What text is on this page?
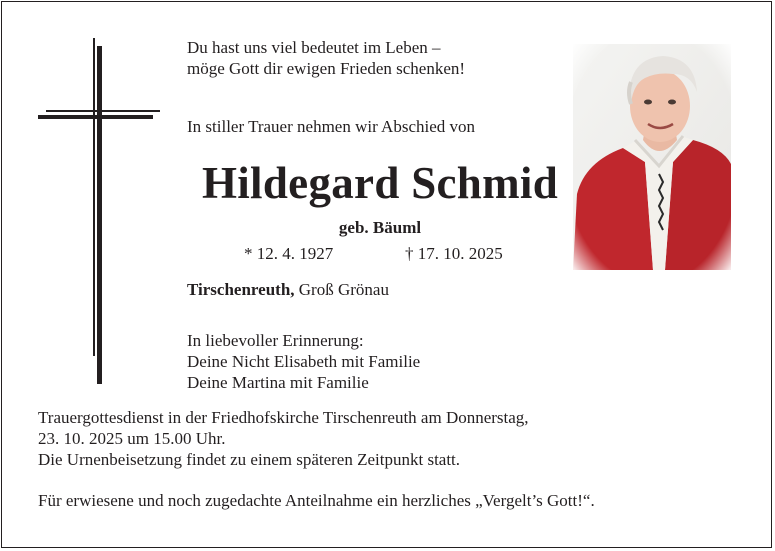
Du hast uns viel bedeutet im Leben –
möge Gott dir ewigen Frieden schenken!
In stiller Trauer nehmen wir Abschied von
Hildegard Schmid
geb. Bäuml
* 12. 4. 1927	† 17. 10. 2025
Tirschenreuth, Groß Grönau
In liebevoller Erinnerung:
Deine Nicht Elisabeth mit Familie
Deine Martina mit Familie
Trauergottesdienst in der Friedhofskirche Tirschenreuth am Donnerstag,
23. 10. 2025 um 15.00 Uhr.
Die Urnenbeisetzung findet zu einem späteren Zeitpunkt statt.
Für erwiesene und noch zugedachte Anteilnahme ein herzliches „Vergelt’s Gott!“.
